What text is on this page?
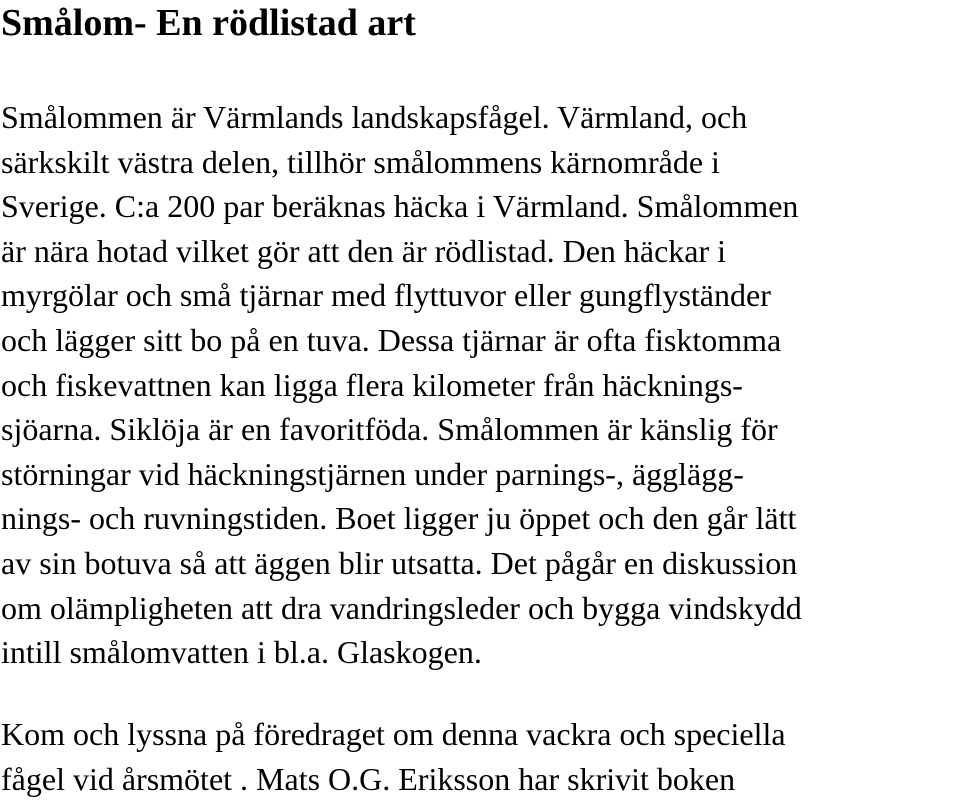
Smålom- En rödlistad art
Smålommen är Värmlands landskapsfågel. Värmland, och
särkskilt västra delen, tillhör smålommens kärnområde i
Sverige. C:a 200 par beräknas häcka i Värmland. Smålommen
är nära hotad vilket gör att den är rödlistad. Den häckar i
myrgölar och små tjärnar med flyttuvor eller gungflyständer
och lägger sitt bo på en tuva. Dessa tjärnar är ofta fisktomma
och fiskevattnen kan ligga flera kilometer från häcknings-
sjöarna. Siklöja är en favoritföda. Smålommen är känslig för
störningar vid häckningstjärnen under parnings-, ägglägg-
nings- och ruvningstiden. Boet ligger ju öppet och den går lätt
av sin botuva så att äggen blir utsatta. Det pågår en diskussion
om olämpligheten att dra vandringsleder och bygga vindskydd
intill smålomvatten i bl.a. Glaskogen.
Kom och lyssna på föredraget om denna vackra och speciella
fågel vid årsmötet . Mats O.G. Eriksson har skrivit boken
